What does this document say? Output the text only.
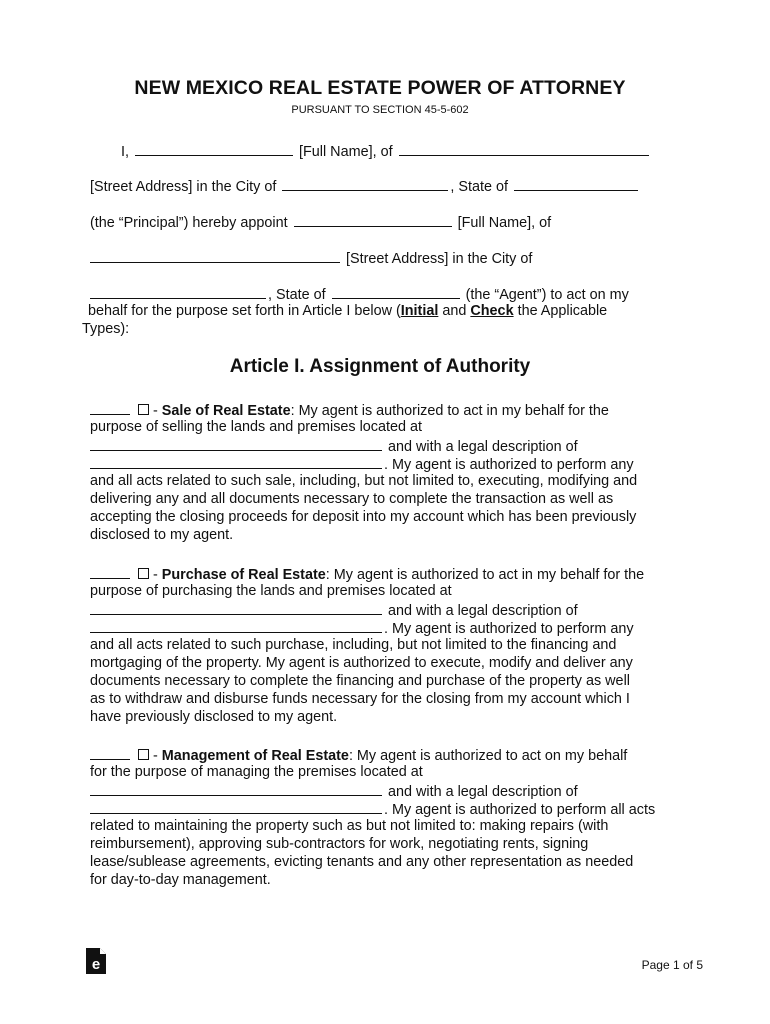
NEW MEXICO REAL ESTATE POWER OF ATTORNEY
PURSUANT TO SECTION 45-5-602
I,	[Full Name], of
[Street Address] in the City of	, State of
(the “Principal”) hereby appoint	[Full Name], of
[Street Address] in the City of
, State of	(the “Agent”) to act on my
behalf for the purpose set forth in Article I below (Initial and Check the Applicable
Types):
Article I. Assignment of Authority
- Sale of Real Estate: My agent is authorized to act in my behalf for the
purpose of selling the lands and premises located at
and with a legal description of
. My agent is authorized to perform any
and all acts related to such sale, including, but not limited to, executing, modifying and
delivering any and all documents necessary to complete the transaction as well as
accepting the closing proceeds for deposit into my account which has been previously
disclosed to my agent.
- Purchase of Real Estate: My agent is authorized to act in my behalf for the
purpose of purchasing the lands and premises located at
and with a legal description of
. My agent is authorized to perform any
and all acts related to such purchase, including, but not limited to the financing and
mortgaging of the property. My agent is authorized to execute, modify and deliver any
documents necessary to complete the financing and purchase of the property as well
as to withdraw and disburse funds necessary for the closing from my account which I
have previously disclosed to my agent.
- Management of Real Estate: My agent is authorized to act on my behalf
for the purpose of managing the premises located at
and with a legal description of
. My agent is authorized to perform all acts
related to maintaining the property such as but not limited to: making repairs (with
reimbursement), approving sub-contractors for work, negotiating rents, signing
lease/sublease agreements, evicting tenants and any other representation as needed
for day-to-day management.
e	Page 1 of 5
